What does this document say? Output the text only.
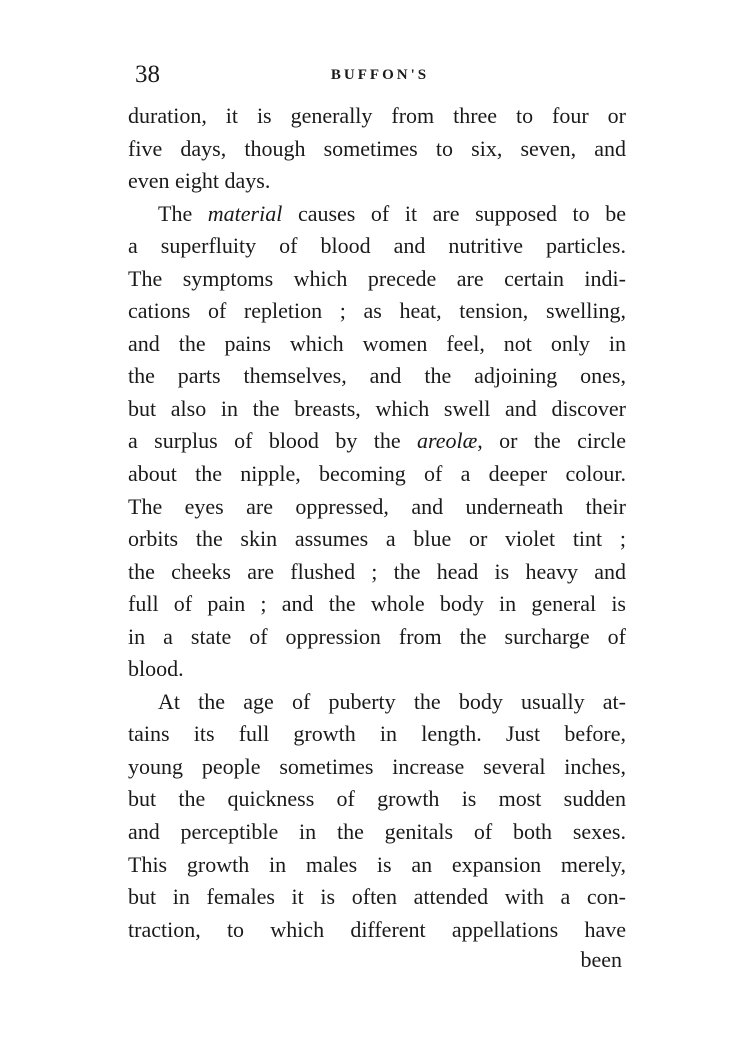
38	BUFFON'S
duration, it is generally from three to four or
five days, though sometimes to six, seven, and
even eight days.
The material causes of it are supposed to be
a superfluity of blood and nutritive particles.
The symptoms which precede are certain indi-
cations of repletion ; as heat, tension, swelling,
and the pains which women feel, not only in
the parts themselves, and the adjoining ones,
but also in the breasts, which swell and discover
a surplus of blood by the areolæ, or the circle
about the nipple, becoming of a deeper colour.
The eyes are oppressed, and underneath their
orbits the skin assumes a blue or violet tint ;
the cheeks are flushed ; the head is heavy and
full of pain ; and the whole body in general is
in a state of oppression from the surcharge of
blood.
At the age of puberty the body usually at-
tains its full growth in length. Just before,
young people sometimes increase several inches,
but the quickness of growth is most sudden
and perceptible in the genitals of both sexes.
This growth in males is an expansion merely,
but in females it is often attended with a con-
traction, to which different appellations have
been
